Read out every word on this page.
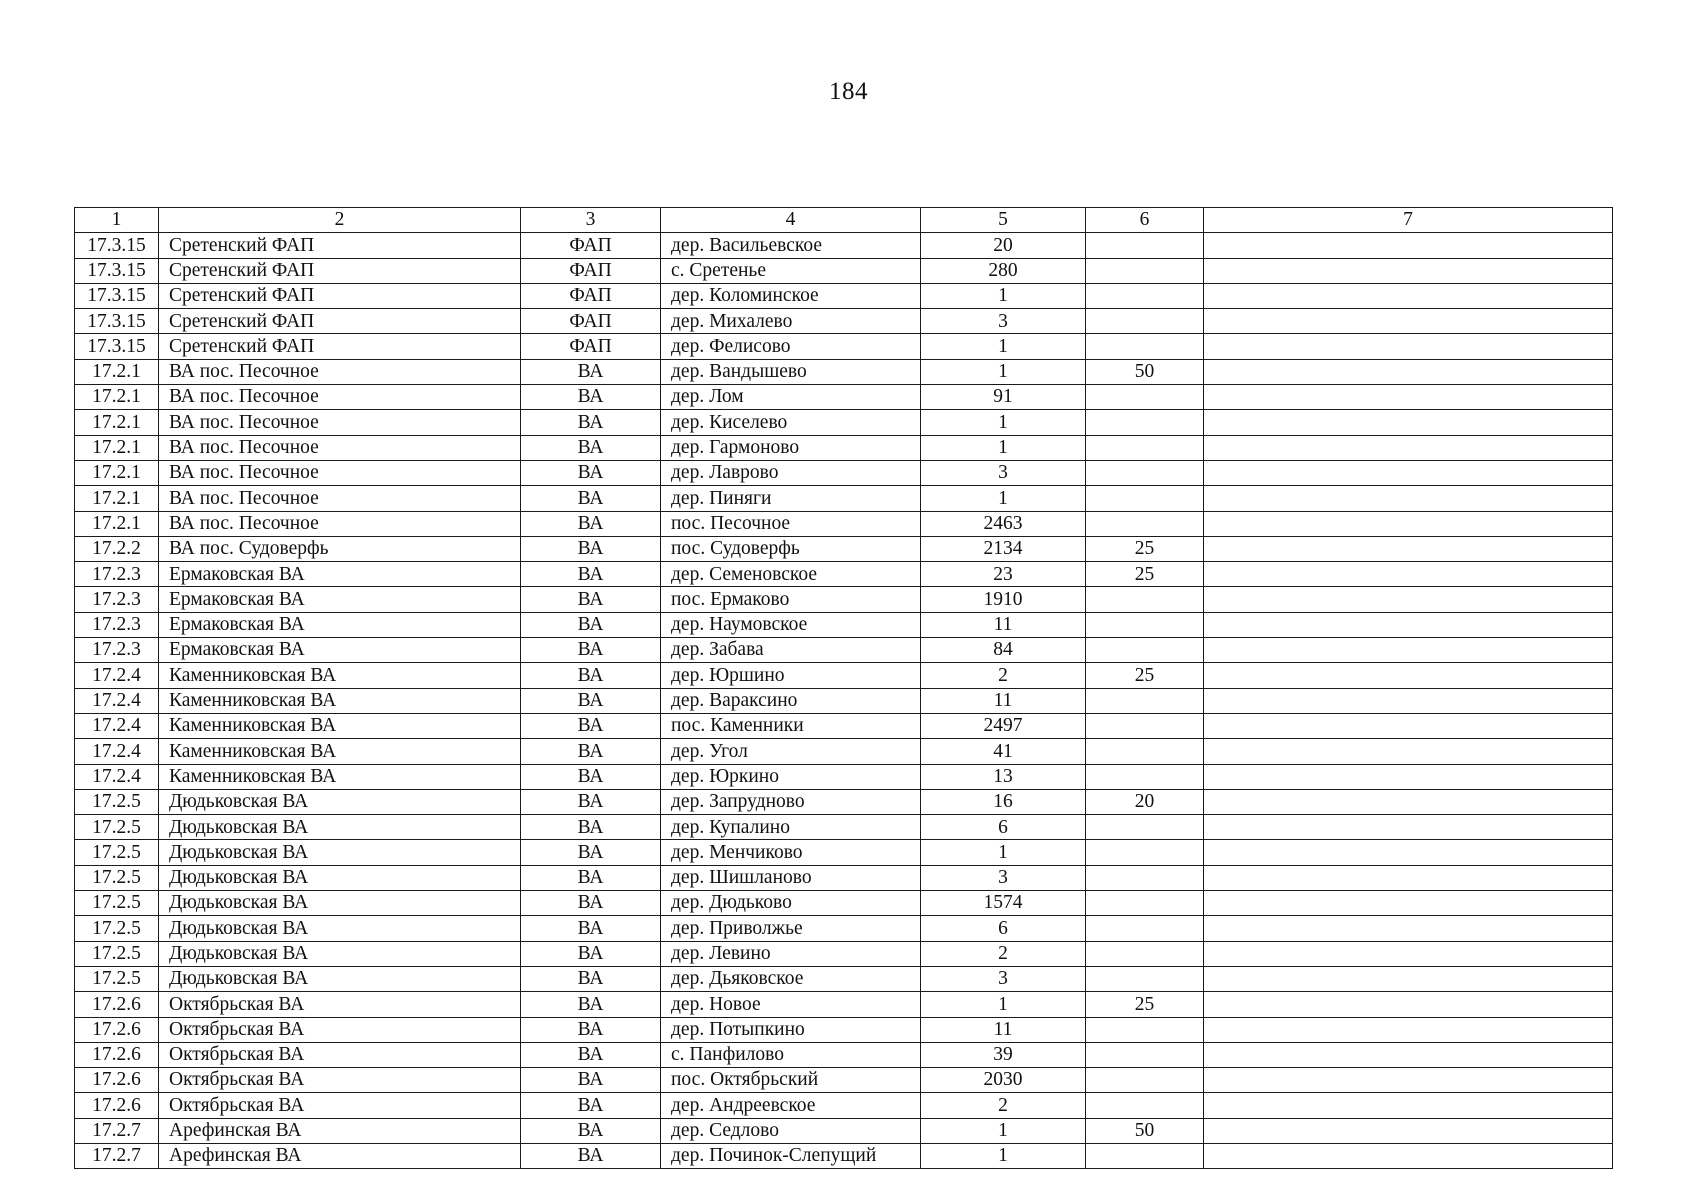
184
1	2	3	4	5	6	7
17.3.15	Сретенский ФАП	ФАП	дер. Васильевское	20		
17.3.15	Сретенский ФАП	ФАП	с. Сретенье	280		
17.3.15	Сретенский ФАП	ФАП	дер. Коломинское	1		
17.3.15	Сретенский ФАП	ФАП	дер. Михалево	3		
17.3.15	Сретенский ФАП	ФАП	дер. Фелисово	1		
17.2.1	ВА пос. Песочное	ВА	дер. Вандышево	1	50	
17.2.1	ВА пос. Песочное	ВА	дер. Лом	91		
17.2.1	ВА пос. Песочное	ВА	дер. Киселево	1		
17.2.1	ВА пос. Песочное	ВА	дер. Гармоново	1		
17.2.1	ВА пос. Песочное	ВА	дер. Лаврово	3		
17.2.1	ВА пос. Песочное	ВА	дер. Пиняги	1		
17.2.1	ВА пос. Песочное	ВА	пос. Песочное	2463		
17.2.2	ВА пос. Судоверфь	ВА	пос. Судоверфь	2134	25	
17.2.3	Ермаковская ВА	ВА	дер. Семеновское	23	25	
17.2.3	Ермаковская ВА	ВА	пос. Ермаково	1910		
17.2.3	Ермаковская ВА	ВА	дер. Наумовское	11		
17.2.3	Ермаковская ВА	ВА	дер. Забава	84		
17.2.4	Каменниковская ВА	ВА	дер. Юршино	2	25	
17.2.4	Каменниковская ВА	ВА	дер. Вараксино	11		
17.2.4	Каменниковская ВА	ВА	пос. Каменники	2497		
17.2.4	Каменниковская ВА	ВА	дер. Угол	41		
17.2.4	Каменниковская ВА	ВА	дер. Юркино	13		
17.2.5	Дюдьковская ВА	ВА	дер. Запрудново	16	20	
17.2.5	Дюдьковская ВА	ВА	дер. Купалино	6		
17.2.5	Дюдьковская ВА	ВА	дер. Менчиково	1		
17.2.5	Дюдьковская ВА	ВА	дер. Шишланово	3		
17.2.5	Дюдьковская ВА	ВА	дер. Дюдьково	1574		
17.2.5	Дюдьковская ВА	ВА	дер. Приволжье	6		
17.2.5	Дюдьковская ВА	ВА	дер. Левино	2		
17.2.5	Дюдьковская ВА	ВА	дер. Дьяковское	3		
17.2.6	Октябрьская ВА	ВА	дер. Новое	1	25	
17.2.6	Октябрьская ВА	ВА	дер. Потыпкино	11		
17.2.6	Октябрьская ВА	ВА	с. Панфилово	39		
17.2.6	Октябрьская ВА	ВА	пос. Октябрьский	2030		
17.2.6	Октябрьская ВА	ВА	дер. Андреевское	2		
17.2.7	Арефинская ВА	ВА	дер. Седлово	1	50	
17.2.7	Арефинская ВА	ВА	дер. Починок-Слепущий	1		
